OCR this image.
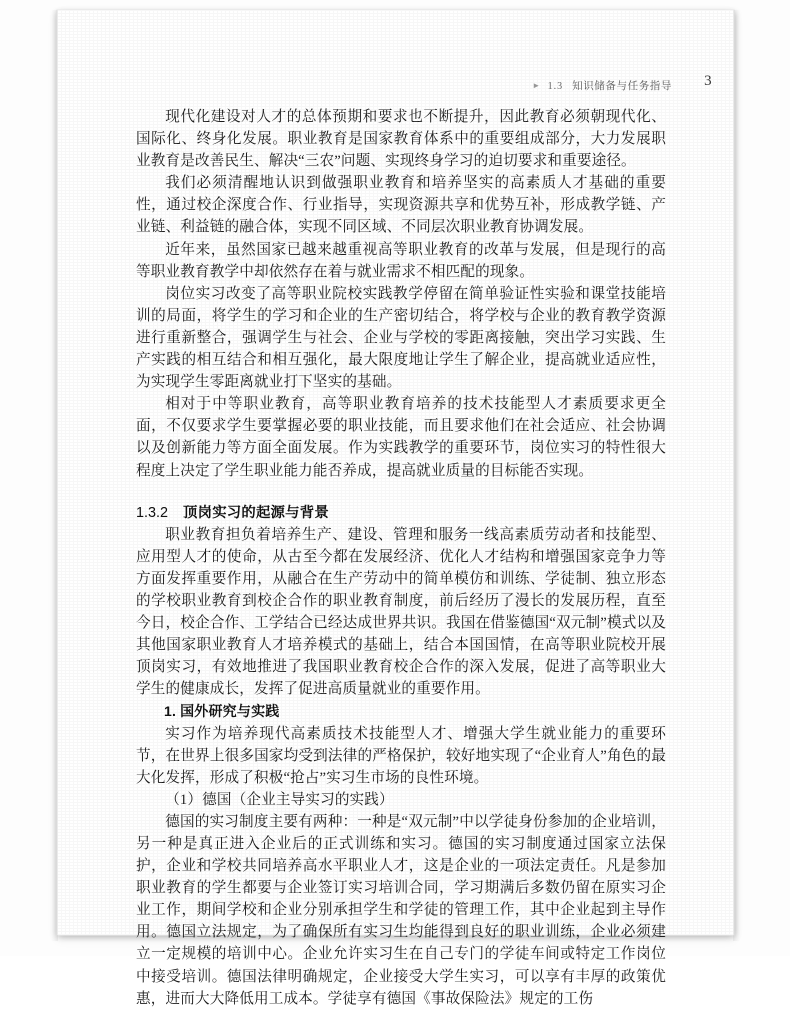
► 1.3 知识储备与任务指导 3

现代化建设对人才的总体预期和要求也不断提升，因此教育必须朝现代化、国际化、终身化发展。职业教育是国家教育体系中的重要组成部分，大力发展职业教育是改善民生、解决“三农”问题、实现终身学习的迫切要求和重要途径。

我们必须清醒地认识到做强职业教育和培养坚实的高素质人才基础的重要性，通过校企深度合作、行业指导，实现资源共享和优势互补，形成教学链、产业链、利益链的融合体，实现不同区域、不同层次职业教育协调发展。

近年来，虽然国家已越来越重视高等职业教育的改革与发展，但是现行的高等职业教育教学中却依然存在着与就业需求不相匹配的现象。

岗位实习改变了高等职业院校实践教学停留在简单验证性实验和课堂技能培训的局面，将学生的学习和企业的生产密切结合，将学校与企业的教育教学资源进行重新整合，强调学生与社会、企业与学校的零距离接触，突出学习实践、生产实践的相互结合和相互强化，最大限度地让学生了解企业，提高就业适应性，为实现学生零距离就业打下坚实的基础。

相对于中等职业教育，高等职业教育培养的技术技能型人才素质要求更全面，不仅要求学生要掌握必要的职业技能，而且要求他们在社会适应、社会协调以及创新能力等方面全面发展。作为实践教学的重要环节，岗位实习的特性很大程度上决定了学生职业能力能否养成，提高就业质量的目标能否实现。

1.3.2 顶岗实习的起源与背景

职业教育担负着培养生产、建设、管理和服务一线高素质劳动者和技能型、应用型人才的使命，从古至今都在发展经济、优化人才结构和增强国家竞争力等方面发挥重要作用，从融合在生产劳动中的简单模仿和训练、学徒制、独立形态的学校职业教育到校企合作的职业教育制度，前后经历了漫长的发展历程，直至今日，校企合作、工学结合已经达成世界共识。我国在借鉴德国“双元制”模式以及其他国家职业教育人才培养模式的基础上，结合本国国情，在高等职业院校开展顶岗实习，有效地推进了我国职业教育校企合作的深入发展，促进了高等职业大学生的健康成长，发挥了促进高质量就业的重要作用。

1. 国外研究与实践

实习作为培养现代高素质技术技能型人才、增强大学生就业能力的重要环节，在世界上很多国家均受到法律的严格保护，较好地实现了“企业育人”角色的最大化发挥，形成了积极“抢占”实习生市场的良性环境。

（1）德国（企业主导实习的实践）

德国的实习制度主要有两种：一种是“双元制”中以学徒身份参加的企业培训，另一种是真正进入企业后的正式训练和实习。德国的实习制度通过国家立法保护，企业和学校共同培养高水平职业人才，这是企业的一项法定责任。凡是参加职业教育的学生都要与企业签订实习培训合同，学习期满后多数仍留在原实习企业工作，期间学校和企业分别承担学生和学徒的管理工作，其中企业起到主导作用。德国立法规定，为了确保所有实习生均能得到良好的职业训练，企业必须建立一定规模的培训中心。企业允许实习生在自己专门的学徒车间或特定工作岗位中接受培训。德国法律明确规定，企业接受大学生实习，可以享有丰厚的政策优惠，进而大大降低用工成本。学徒享有德国《事故保险法》规定的工伤
